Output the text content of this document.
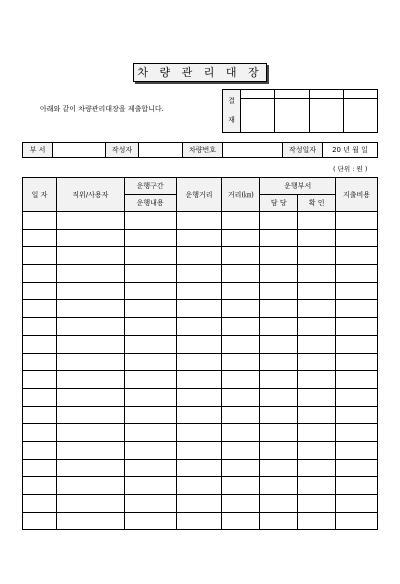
차 량 관 리 대 장
아래와 같이 차량관리대장을 제출합니다.
결

재				

부 서		작성자		차량번호		작성일자	20 년 월 일
( 단위 : 원 )
일 자	직위/사용자	운행구간	운행거리	거리(㎞)	운행부서		지출비용
		운행내용			담 당	확 인	
